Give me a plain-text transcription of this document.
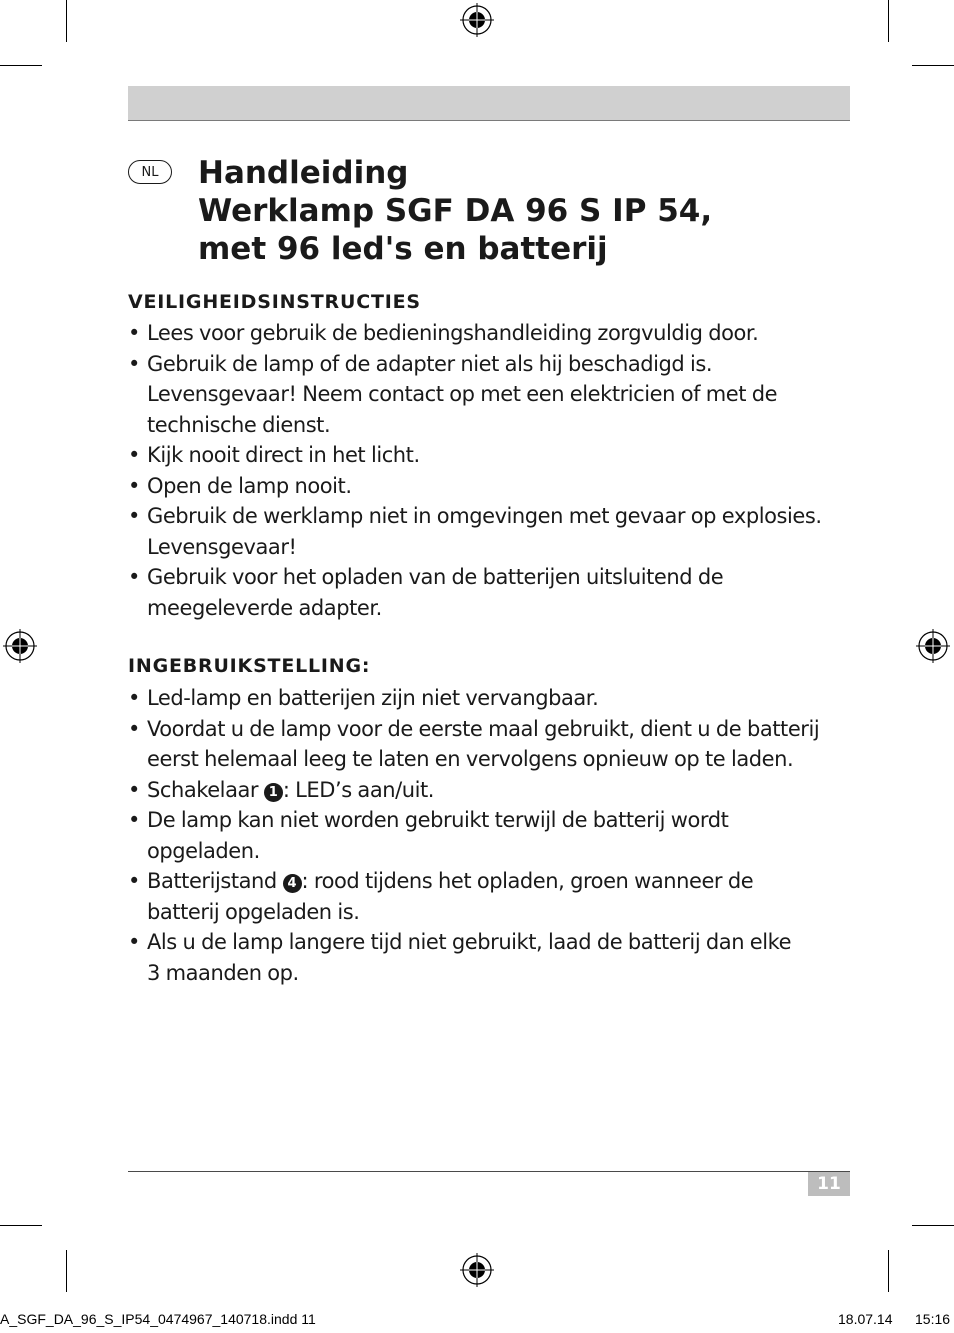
NL	Handleiding
Werklamp SGF DA 96 S IP 54,
met 96 led's en batterij
VEILIGHEIDSINSTRUCTIES
• Lees voor gebruik de bedieningshandleiding zorgvuldig door.
• Gebruik de lamp of de adapter niet als hij beschadigd is.
Levensgevaar! Neem contact op met een elektricien of met de
technische dienst.
• Kijk nooit direct in het licht.
• Open de lamp nooit.
• Gebruik de werklamp niet in omgevingen met gevaar op explosies.
Levensgevaar!
• Gebruik voor het opladen van de batterijen uitsluitend de
meegeleverde adapter.
INGEBRUIKSTELLING:
• Led-lamp en batterijen zijn niet vervangbaar.
• Voordat u de lamp voor de eerste maal gebruikt, dient u de batterij
eerst helemaal leeg te laten en vervolgens opnieuw op te laden.
• Schakelaar 1 : LED’s aan/uit.
• De lamp kan niet worden gebruikt terwijl de batterij wordt
opgeladen.
• Batterijstand 4 : rood tijdens het opladen, groen wanneer de
batterij opgeladen is.
• Als u de lamp langere tijd niet gebruikt, laad de batterij dan elke
3 maanden op.
11
A_SGF_DA_96_S_IP54_0474967_140718.indd 11	18.07.14 15:16
